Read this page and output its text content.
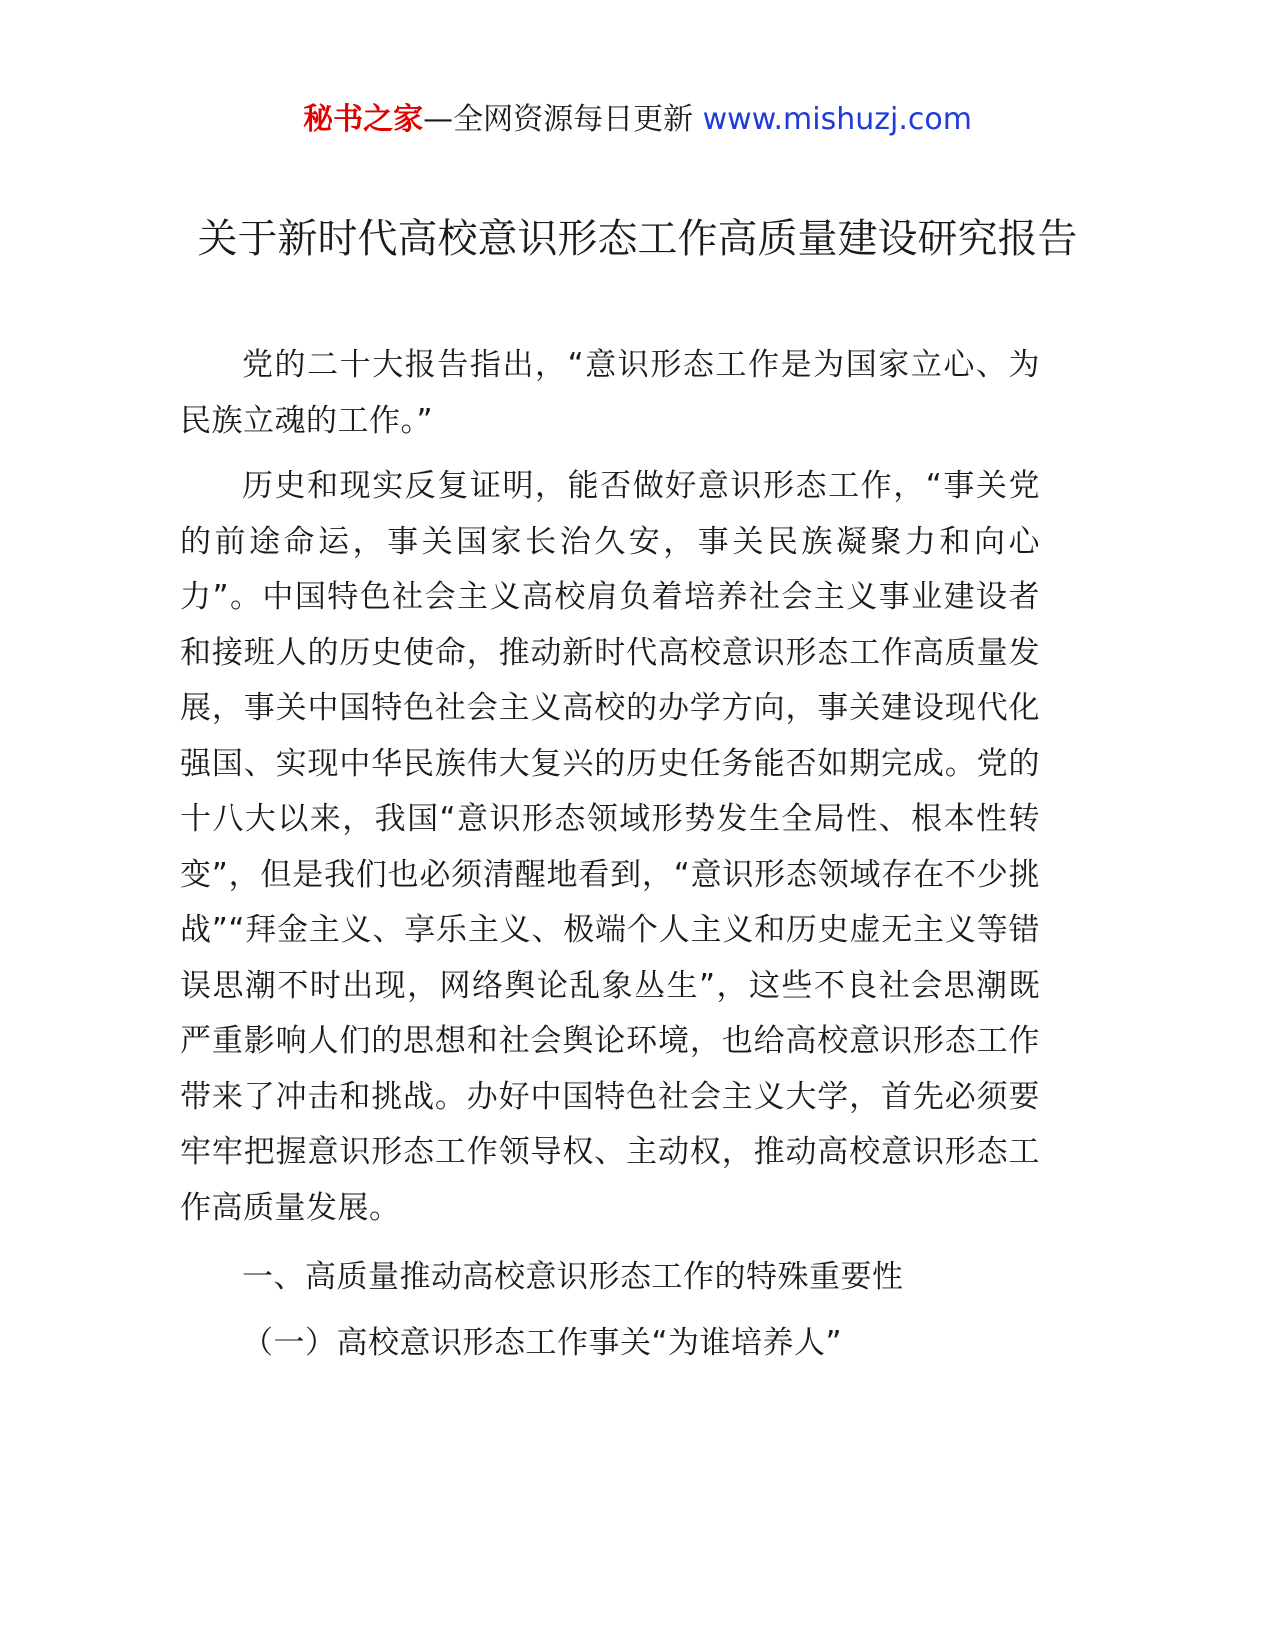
秘书之家—全网资源每日更新 www.mishuzj.com
关于新时代高校意识形态工作高质量建设研究报告

党的二十大报告指出，“意识形态工作是为国家立心、为民族立魂的工作。”

历史和现实反复证明，能否做好意识形态工作，“事关党的前途命运，事关国家长治久安，事关民族凝聚力和向心力”。中国特色社会主义高校肩负着培养社会主义事业建设者和接班人的历史使命，推动新时代高校意识形态工作高质量发展，事关中国特色社会主义高校的办学方向，事关建设现代化强国、实现中华民族伟大复兴的历史任务能否如期完成。党的十八大以来，我国“意识形态领域形势发生全局性、根本性转变”，但是我们也必须清醒地看到，“意识形态领域存在不少挑战”“拜金主义、享乐主义、极端个人主义和历史虚无主义等错误思潮不时出现，网络舆论乱象丛生”，这些不良社会思潮既严重影响人们的思想和社会舆论环境，也给高校意识形态工作带来了冲击和挑战。办好中国特色社会主义大学，首先必须要牢牢把握意识形态工作领导权、主动权，推动高校意识形态工作高质量发展。

一、高质量推动高校意识形态工作的特殊重要性

（一）高校意识形态工作事关“为谁培养人”
